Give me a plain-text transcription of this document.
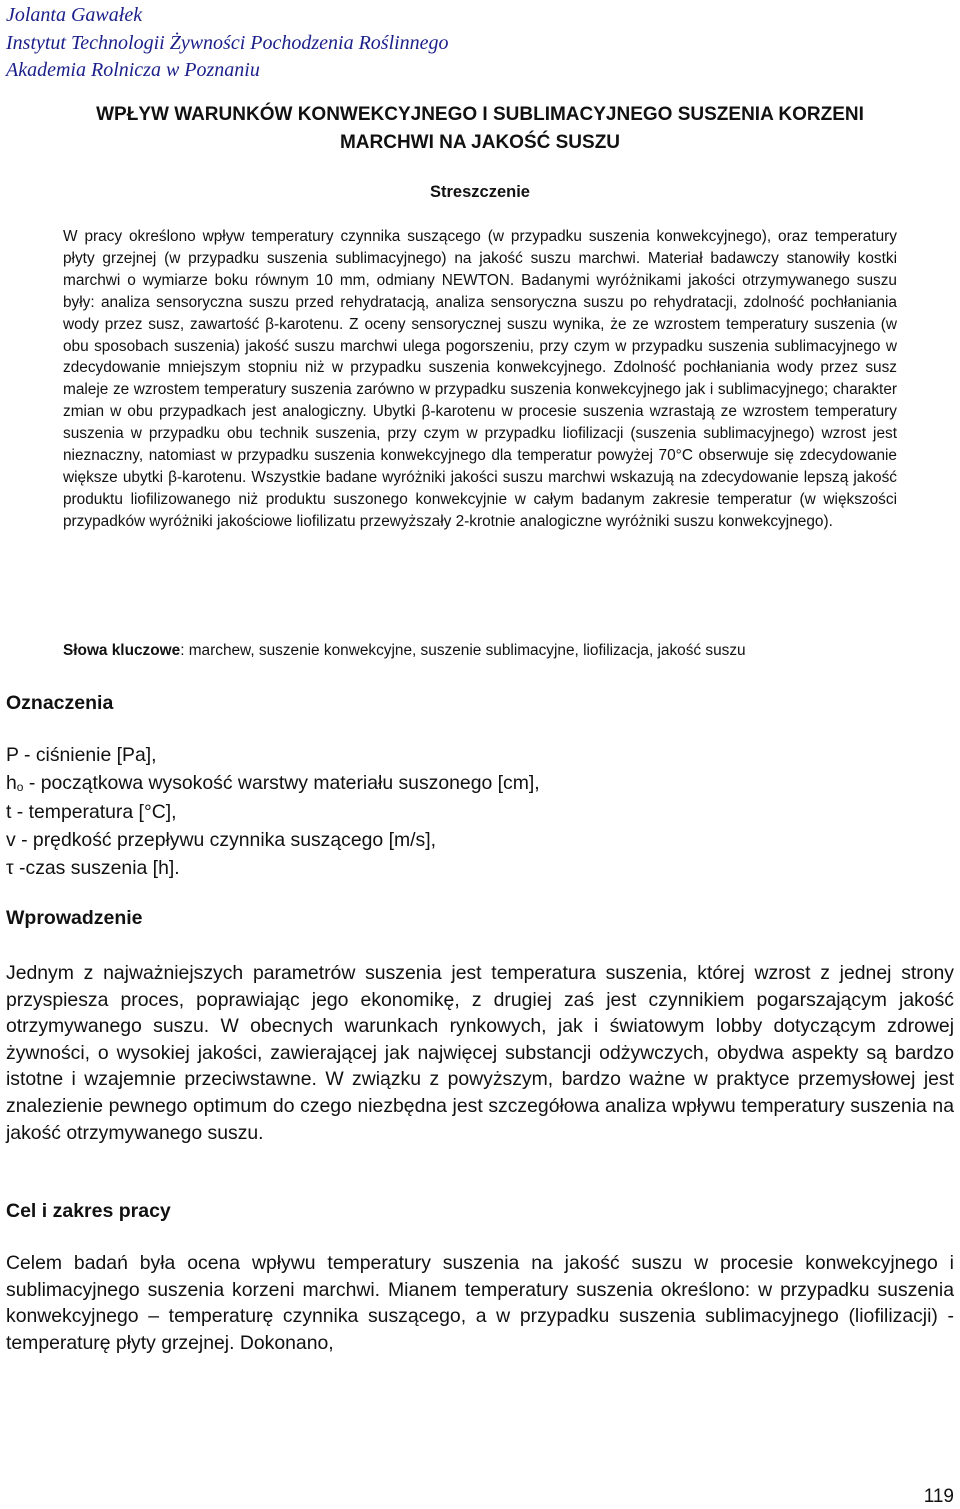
Jolanta Gawałek
Instytut Technologii Żywności Pochodzenia Roślinnego
Akademia Rolnicza w Poznaniu
WPŁYW WARUNKÓW KONWEKCYJNEGO I SUBLIMACYJNEGO SUSZENIA KORZENI
MARCHWI NA JAKOŚĆ SUSZU
Streszczenie

W pracy określono wpływ temperatury czynnika suszącego (w przypadku suszenia konwekcyjnego), oraz temperatury płyty grzejnej (w przypadku suszenia sublimacyjnego) na jakość suszu marchwi. Materiał badawczy stanowiły kostki marchwi o wymiarze boku równym 10 mm, odmiany NEWTON. Badanymi wyróżnikami jakości otrzymywanego suszu były: analiza sensoryczna suszu przed rehydratacją, analiza sensoryczna suszu po rehydratacji, zdolność pochłaniania wody przez susz, zawartość β-karotenu. Z oceny sensorycznej suszu wynika, że ze wzrostem temperatury suszenia (w obu sposobach suszenia) jakość suszu marchwi ulega pogorszeniu, przy czym w przypadku suszenia sublimacyjnego w zdecydowanie mniejszym stopniu niż w przypadku suszenia konwekcyjnego. Zdolność pochłaniania wody przez susz maleje ze wzrostem temperatury suszenia zarówno w przypadku suszenia konwekcyjnego jak i sublimacyjnego; charakter zmian w obu przypadkach jest analogiczny. Ubytki β-karotenu w procesie suszenia wzrastają ze wzrostem temperatury suszenia w przypadku obu technik suszenia, przy czym w przypadku liofilizacji (suszenia sublimacyjnego) wzrost jest nieznaczny, natomiast w przypadku suszenia konwekcyjnego dla temperatur powyżej 70°C obserwuje się zdecydowanie większe ubytki β-karotenu. Wszystkie badane wyróżniki jakości suszu marchwi wskazują na zdecydowanie lepszą jakość produktu liofilizowanego niż produktu suszonego konwekcyjnie w całym badanym zakresie temperatur (w większości przypadków wyróżniki jakościowe liofilizatu przewyższały 2-krotnie analogiczne wyróżniki suszu konwekcyjnego).

Słowa kluczowe: marchew, suszenie konwekcyjne, suszenie sublimacyjne, liofilizacja, jakość suszu
Oznaczenia
P - ciśnienie [Pa],
$h_o$ - początkowa wysokość warstwy materiału suszonego [cm],
t - temperatura [°C],
v - prędkość przepływu czynnika suszącego [m/s],
τ -czas suszenia [h].
Wprowadzenie

Jednym z najważniejszych parametrów suszenia jest temperatura suszenia, której wzrost z jednej strony przyspiesza proces, poprawiając jego ekonomikę, z drugiej zaś jest czynnikiem pogarszającym jakość otrzymywanego suszu. W obecnych warunkach rynkowych, jak i światowym lobby dotyczącym zdrowej żywności, o wysokiej jakości, zawierającej jak najwięcej substancji odżywczych, obydwa aspekty są bardzo istotne i wzajemnie przeciwstawne. W związku z powyższym, bardzo ważne w praktyce przemysłowej jest znalezienie pewnego optimum do czego niezbędna jest szczegółowa analiza wpływu temperatury suszenia na jakość otrzymywanego suszu.

Cel i zakres pracy

Celem badań była ocena wpływu temperatury suszenia na jakość suszu w procesie konwekcyjnego i sublimacyjnego suszenia korzeni marchwi. Mianem temperatury suszenia określono: w przypadku suszenia konwekcyjnego – temperaturę czynnika suszącego, a w przypadku suszenia sublimacyjnego (liofilizacji) - temperaturę płyty grzejnej. Dokonano,

119
